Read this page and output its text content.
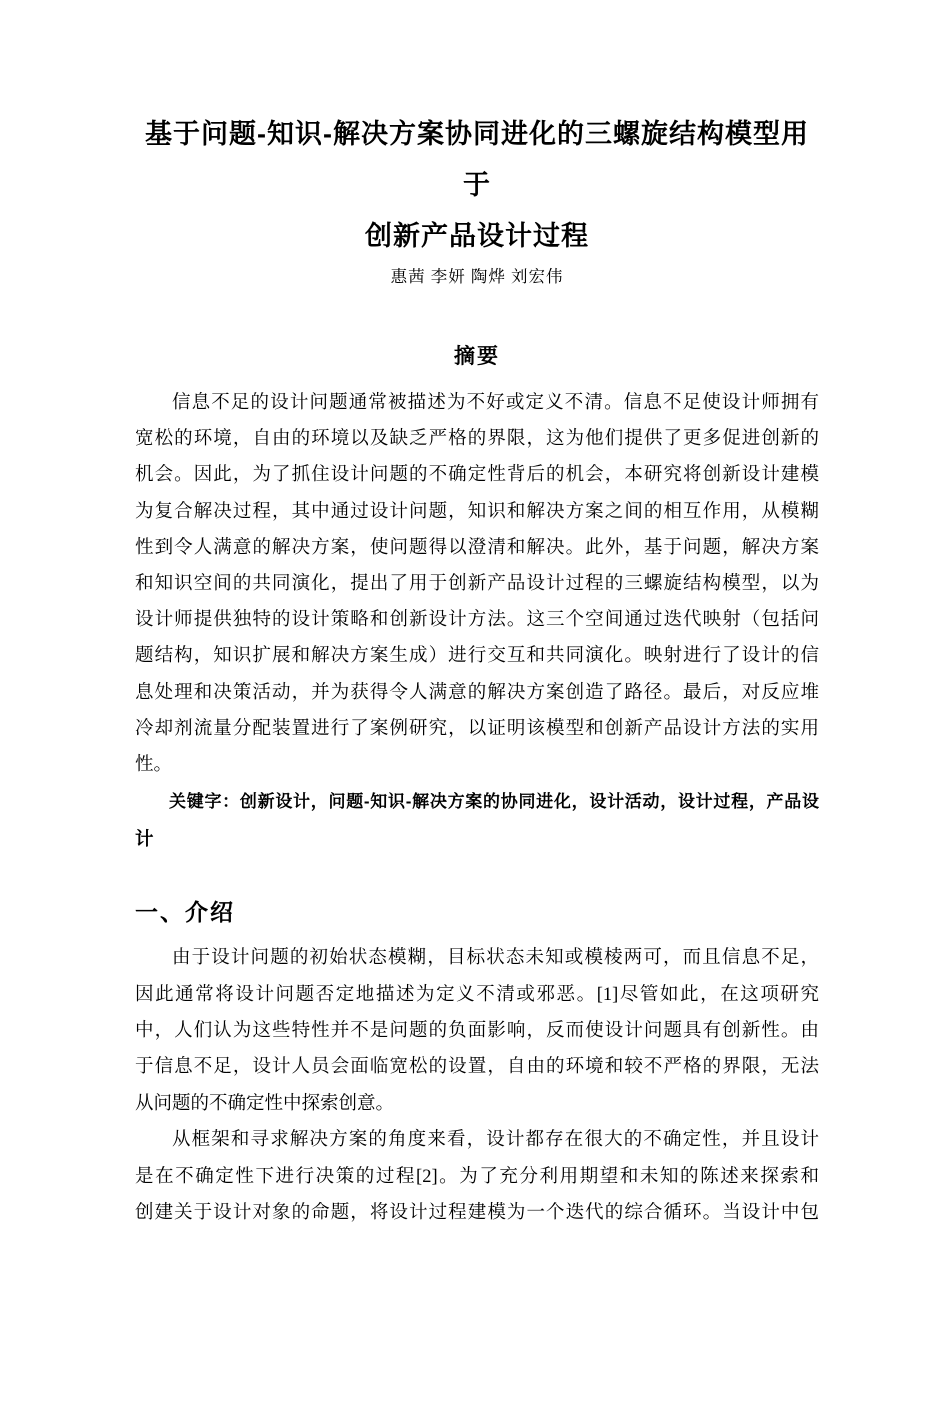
基于问题-知识-解决方案协同进化的三螺旋结构模型用于
创新产品设计过程
惠茜 李妍 陶烨 刘宏伟
摘要
信息不足的设计问题通常被描述为不好或定义不清。信息不足使设计师拥有
宽松的环境，自由的环境以及缺乏严格的界限，这为他们提供了更多促进创新的
机会。因此，为了抓住设计问题的不确定性背后的机会，本研究将创新设计建模
为复合解决过程，其中通过设计问题，知识和解决方案之间的相互作用，从模糊
性到令人满意的解决方案，使问题得以澄清和解决。此外，基于问题，解决方案
和知识空间的共同演化，提出了用于创新产品设计过程的三螺旋结构模型，以为
设计师提供独特的设计策略和创新设计方法。这三个空间通过迭代映射（包括问
题结构，知识扩展和解决方案生成）进行交互和共同演化。映射进行了设计的信
息处理和决策活动，并为获得令人满意的解决方案创造了路径。最后，对反应堆
冷却剂流量分配装置进行了案例研究，以证明该模型和创新产品设计方法的实用
性。
关键字：创新设计，问题-知识-解决方案的协同进化，设计活动，设计过程，产品设
计
一、介绍
由于设计问题的初始状态模糊，目标状态未知或模棱两可，而且信息不足，
因此通常将设计问题否定地描述为定义不清或邪恶。[1]尽管如此，在这项研究
中，人们认为这些特性并不是问题的负面影响，反而使设计问题具有创新性。由
于信息不足，设计人员会面临宽松的设置，自由的环境和较不严格的界限，无法
从问题的不确定性中探索创意。
从框架和寻求解决方案的角度来看，设计都存在很大的不确定性，并且设计
是在不确定性下进行决策的过程[2]。为了充分利用期望和未知的陈述来探索和
创建关于设计对象的命题，将设计过程建模为一个迭代的综合循环。当设计中包
